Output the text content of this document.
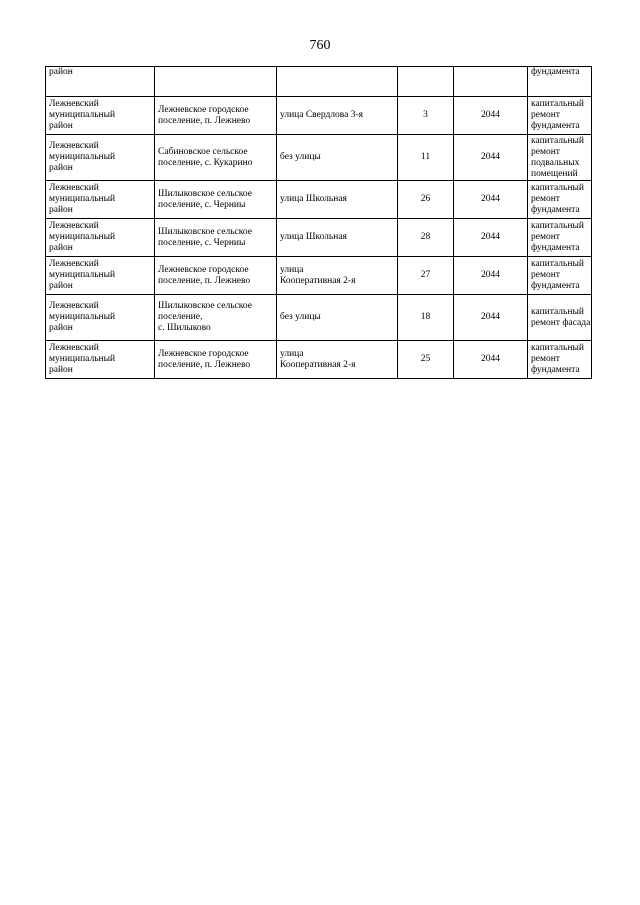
760
район					фундамента

Лежневский
муниципальный
район	Лежневское городское
поселение, п. Лежнево	улица Свердлова 3-я	3	2044	капитальный
ремонт
фундамента

Лежневский
муниципальный
район	Сабиновское сельское
поселение, с. Кукарино	без улицы	11	2044	капитальный
ремонт
подвальных
помещений

Лежневский
муниципальный
район	Шилыковское сельское
поселение, с. Черниы	улица Школьная	26	2044	капитальный
ремонт
фундамента

Лежневский
муниципальный
район	Шилыковское сельское
поселение, с. Черниы	улица Школьная	28	2044	капитальный
ремонт
фундамента

Лежневский
муниципальный
район	Лежневское городское
поселение, п. Лежнево	улица
Кооперативная 2-я	27	2044	капитальный
ремонт
фундамента

Лежневский
муниципальный
район	Шилыковское сельское
поселение,
с. Шилыково	без улицы	18	2044	капитальный
ремонт фасада

Лежневский
муниципальный
район	Лежневское городское
поселение, п. Лежнево	улица
Кооперативная 2-я	25	2044	капитальный
ремонт
фундамента
